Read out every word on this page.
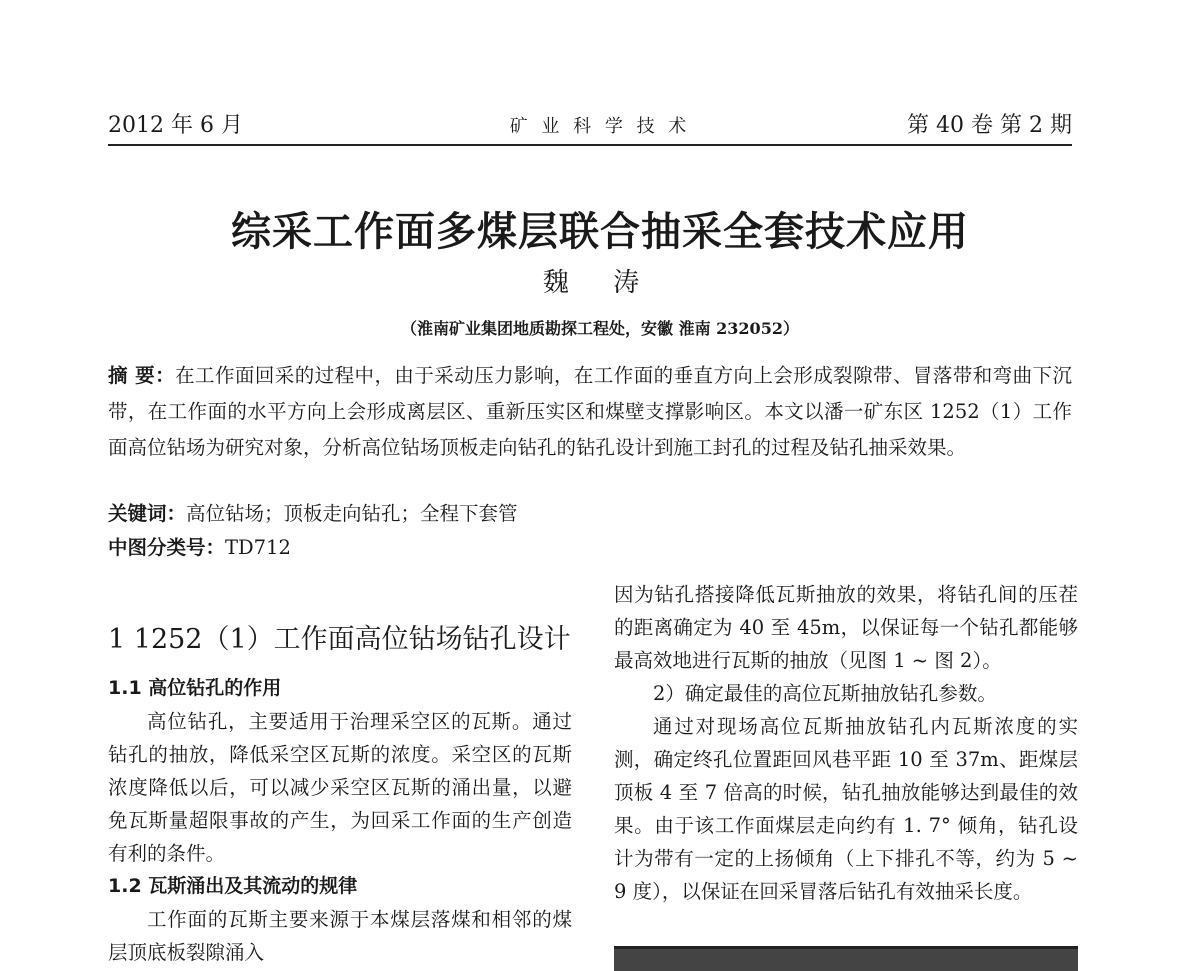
2012 年 6 月	矿 业 科 学 技 术	第 40 卷 第 2 期
综采工作面多煤层联合抽采全套技术应用
魏 涛
（淮南矿业集团地质勘探工程处，安徽 淮南 232052）
摘 要：在工作面回采的过程中，由于采动压力影响，在工作面的垂直方向上会形成裂隙带、冒落带和弯曲下沉带，在工作面的水平方向上会形成离层区、重新压实区和煤壁支撑影响区。本文以潘一矿东区 1252（1）工作面高位钻场为研究对象，分析高位钻场顶板走向钻孔的钻孔设计到施工封孔的过程及钻孔抽采效果。
关键词：高位钻场；顶板走向钻孔；全程下套管
中图分类号：TD712
1 1252（1）工作面高位钻场钻孔设计
1.1 高位钻孔的作用

高位钻孔，主要适用于治理采空区的瓦斯。通过钻孔的抽放，降低采空区瓦斯的浓度。采空区的瓦斯浓度降低以后，可以减少采空区瓦斯的涌出量，以避免瓦斯量超限事故的产生，为回采工作面的生产创造有利的条件。

1.2 瓦斯涌出及其流动的规律

工作面的瓦斯主要来源于本煤层落煤和相邻的煤层顶底板裂隙涌入

因为钻孔搭接降低瓦斯抽放的效果，将钻孔间的压茬的距离确定为 40 至 45m，以保证每一个钻孔都能够最高效地进行瓦斯的抽放（见图 1 ~ 图 2）。

2）确定最佳的高位瓦斯抽放钻孔参数。

通过对现场高位瓦斯抽放钻孔内瓦斯浓度的实测，确定终孔位置距回风巷平距 10 至 37m、距煤层顶板 4 至 7 倍高的时候，钻孔抽放能够达到最佳的效果。由于该工作面煤层走向约有 1. 7° 倾角，钻孔设计为带有一定的上扬倾角（上下排孔不等，约为 5 ~ 9 度），以保证在回采冒落后钻孔有效抽采长度。
